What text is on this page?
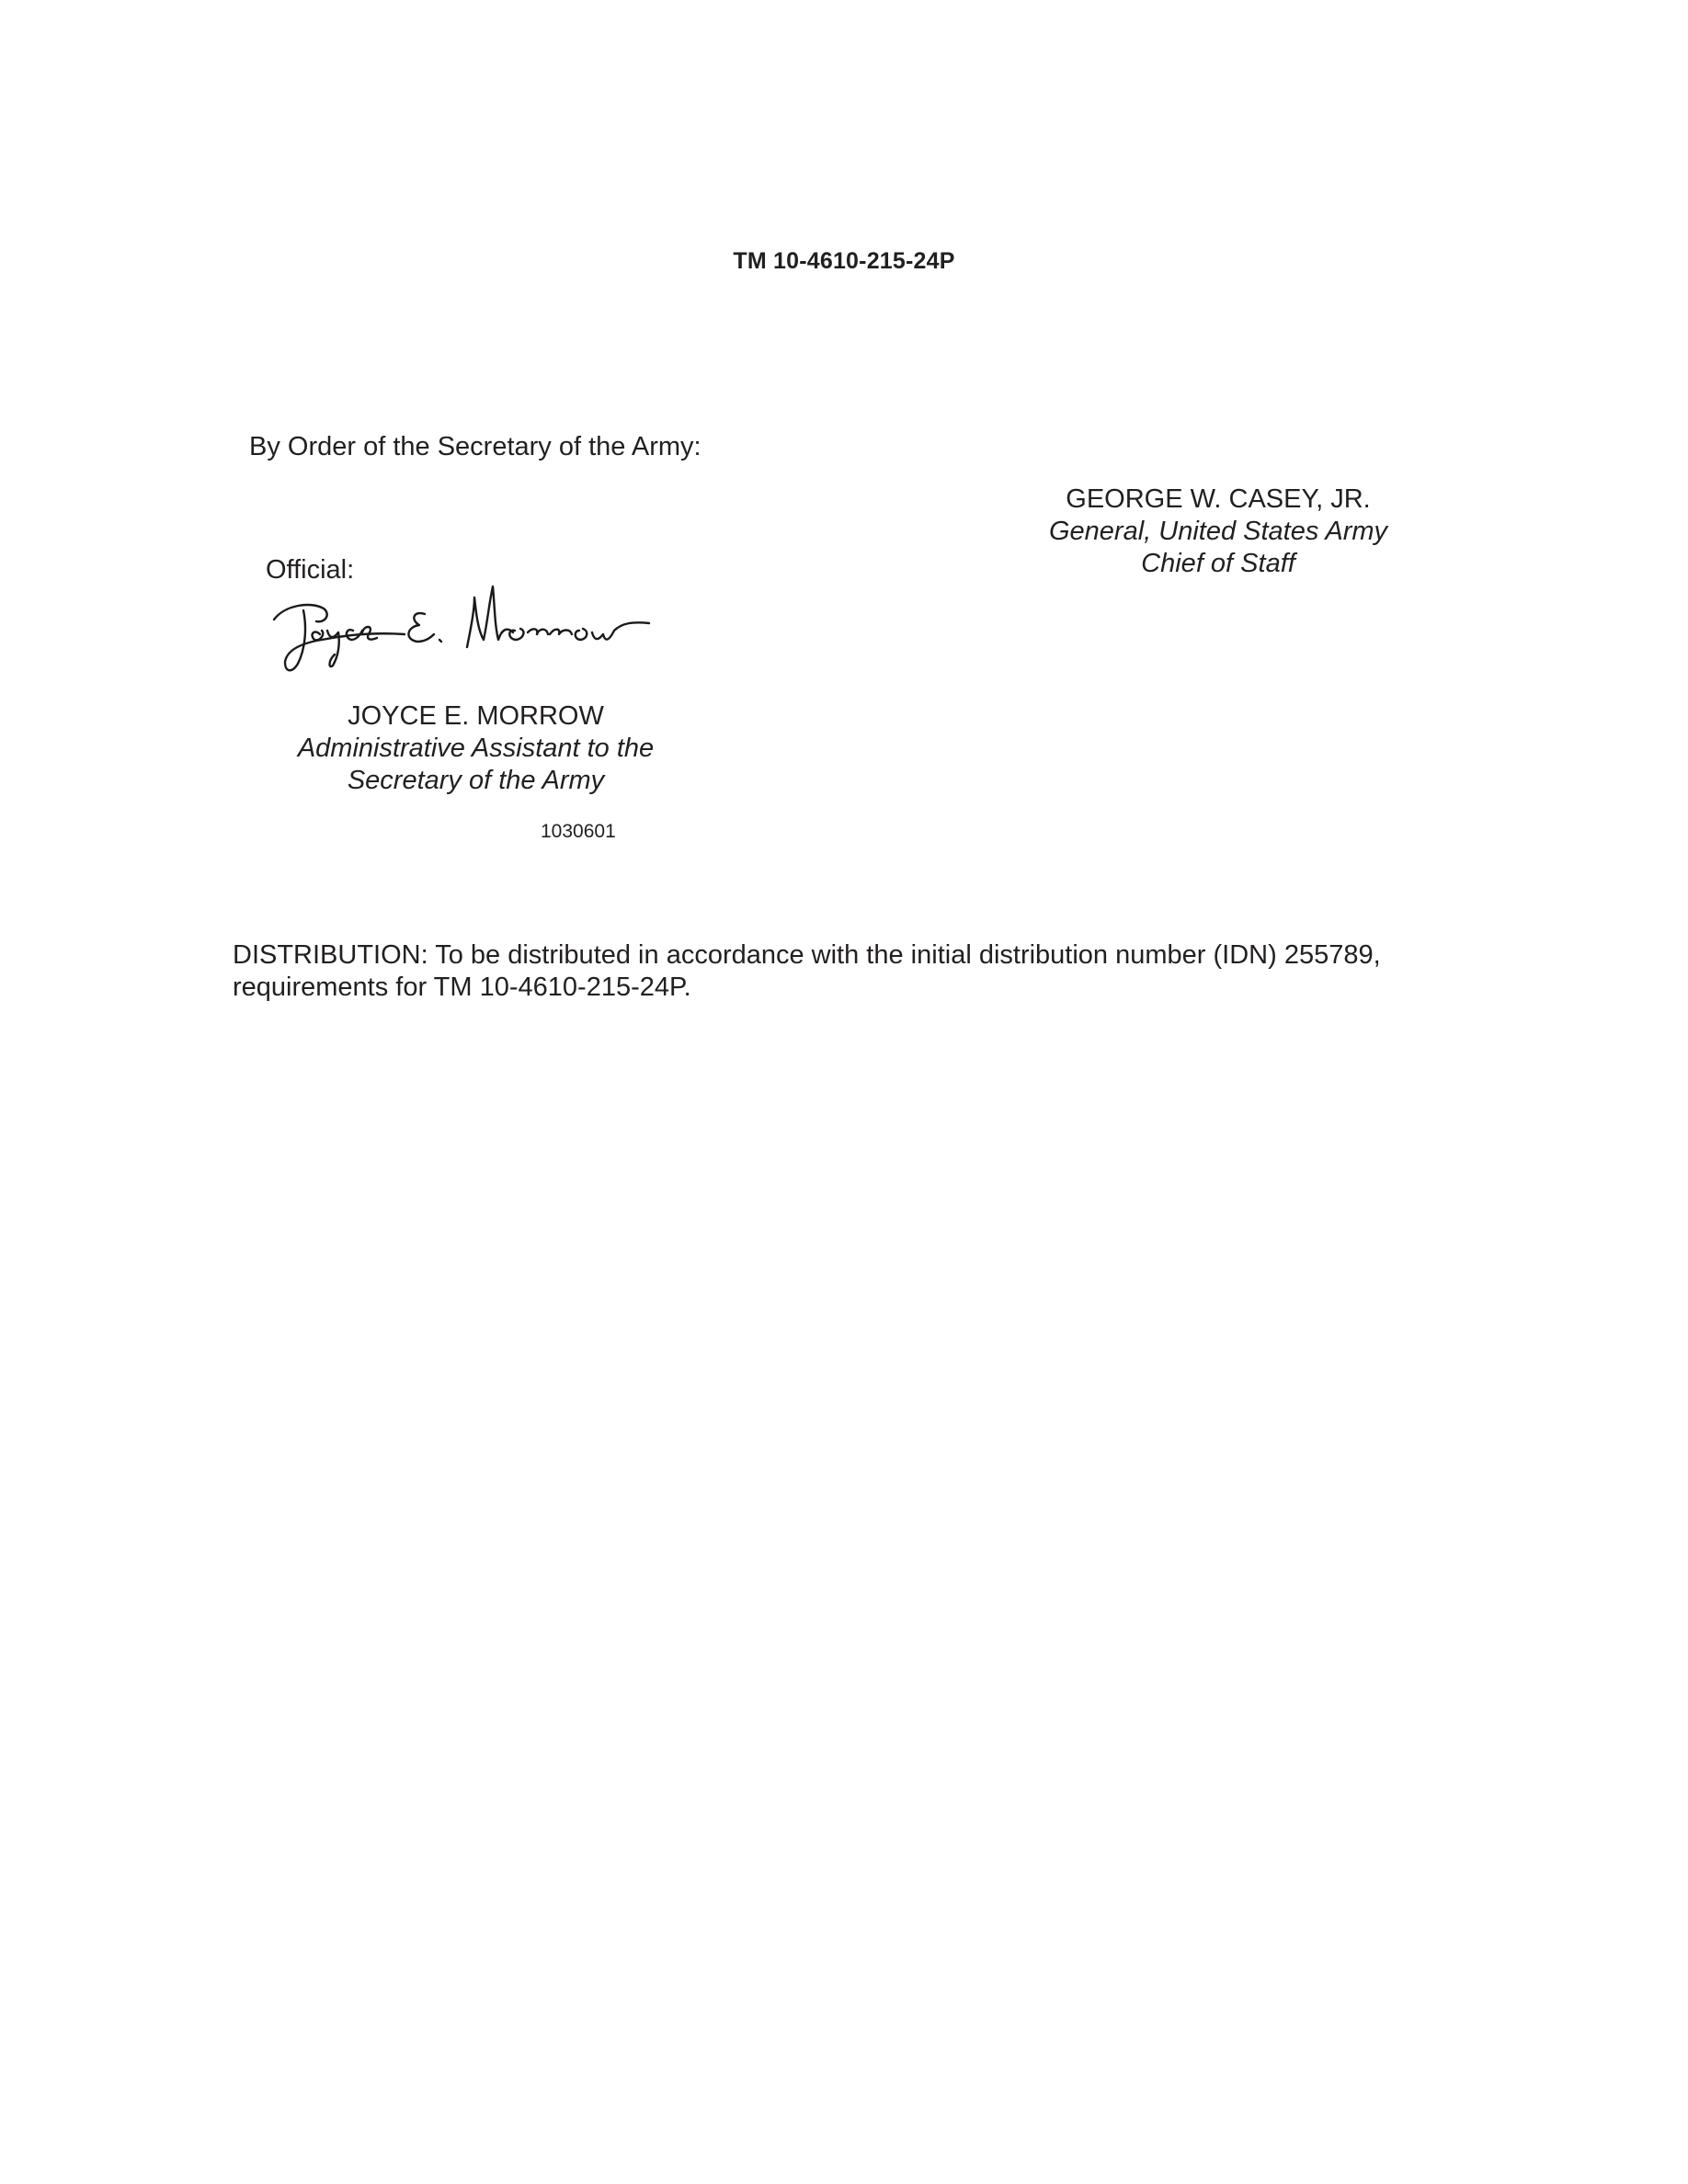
TM 10-4610-215-24P
By Order of the Secretary of the Army:
GEORGE W. CASEY, JR.
General, United States Army
Chief of Staff
Official:
JOYCE E. MORROW
Administrative Assistant to the
Secretary of the Army
1030601
DISTRIBUTION: To be distributed in accordance with the initial distribution number (IDN) 255789,
requirements for TM 10-4610-215-24P.
